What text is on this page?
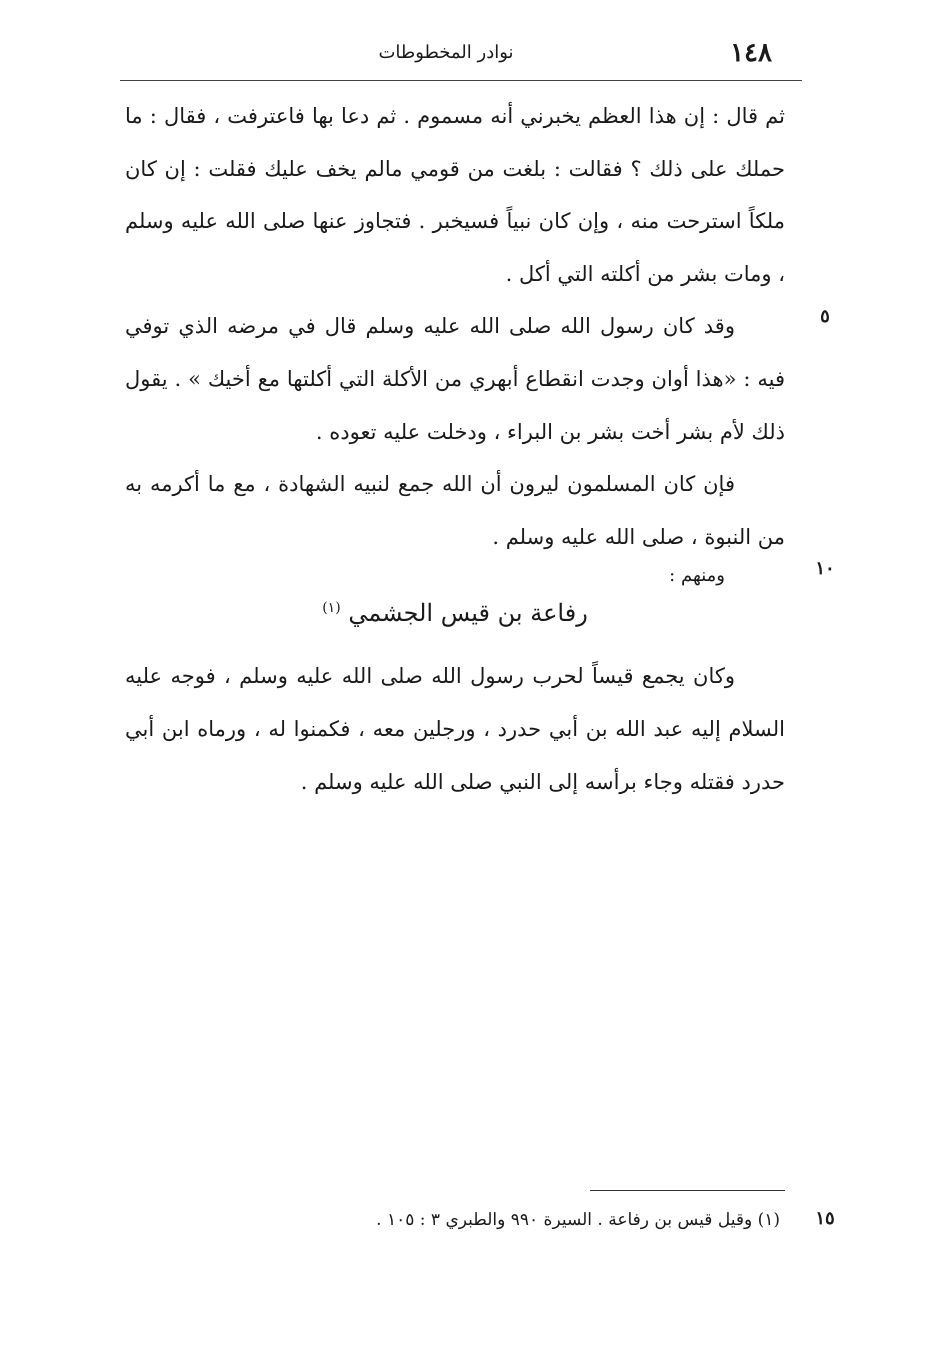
١٤٨
نوادر المخطوطات
٥
١٠
١٥

ثم قال : إن هذا العظم يخبرني أنه مسموم . ثم دعا بها فاعترفت ، فقال : ما حملك على ذلك ؟ فقالت : بلغت من قومي مالم يخف عليك فقلت : إن كان ملكاً استرحت منه ، وإن كان نبياً فسيخبر . فتجاوز عنها صلى الله عليه وسلم ، ومات بشر من أكلته التي أكل .

وقد كان رسول الله صلى الله عليه وسلم قال في مرضه الذي توفي فيه : «هذا أوان وجدت انقطاع أبهري من الأكلة التي أكلتها مع أخيك » . يقول ذلك لأم بشر أخت بشر بن البراء ، ودخلت عليه تعوده .

فإن كان المسلمون ليرون أن الله جمع لنبيه الشهادة ، مع ما أكرمه به من النبوة ، صلى الله عليه وسلم .

ومنهم :
رفاعة بن قيس الجشمي $^{(١)}$

وكان يجمع قيساً لحرب رسول الله صلى الله عليه وسلم ، فوجه عليه السلام إليه عبد الله بن أبي حدرد ، ورجلين معه ، فكمنوا له ، ورماه ابن أبي حدرد فقتله وجاء برأسه إلى النبي صلى الله عليه وسلم .

(١) وقيل قيس بن رفاعة . السيرة ٩٩٠ والطبري ٣ : ١٠٥ .
